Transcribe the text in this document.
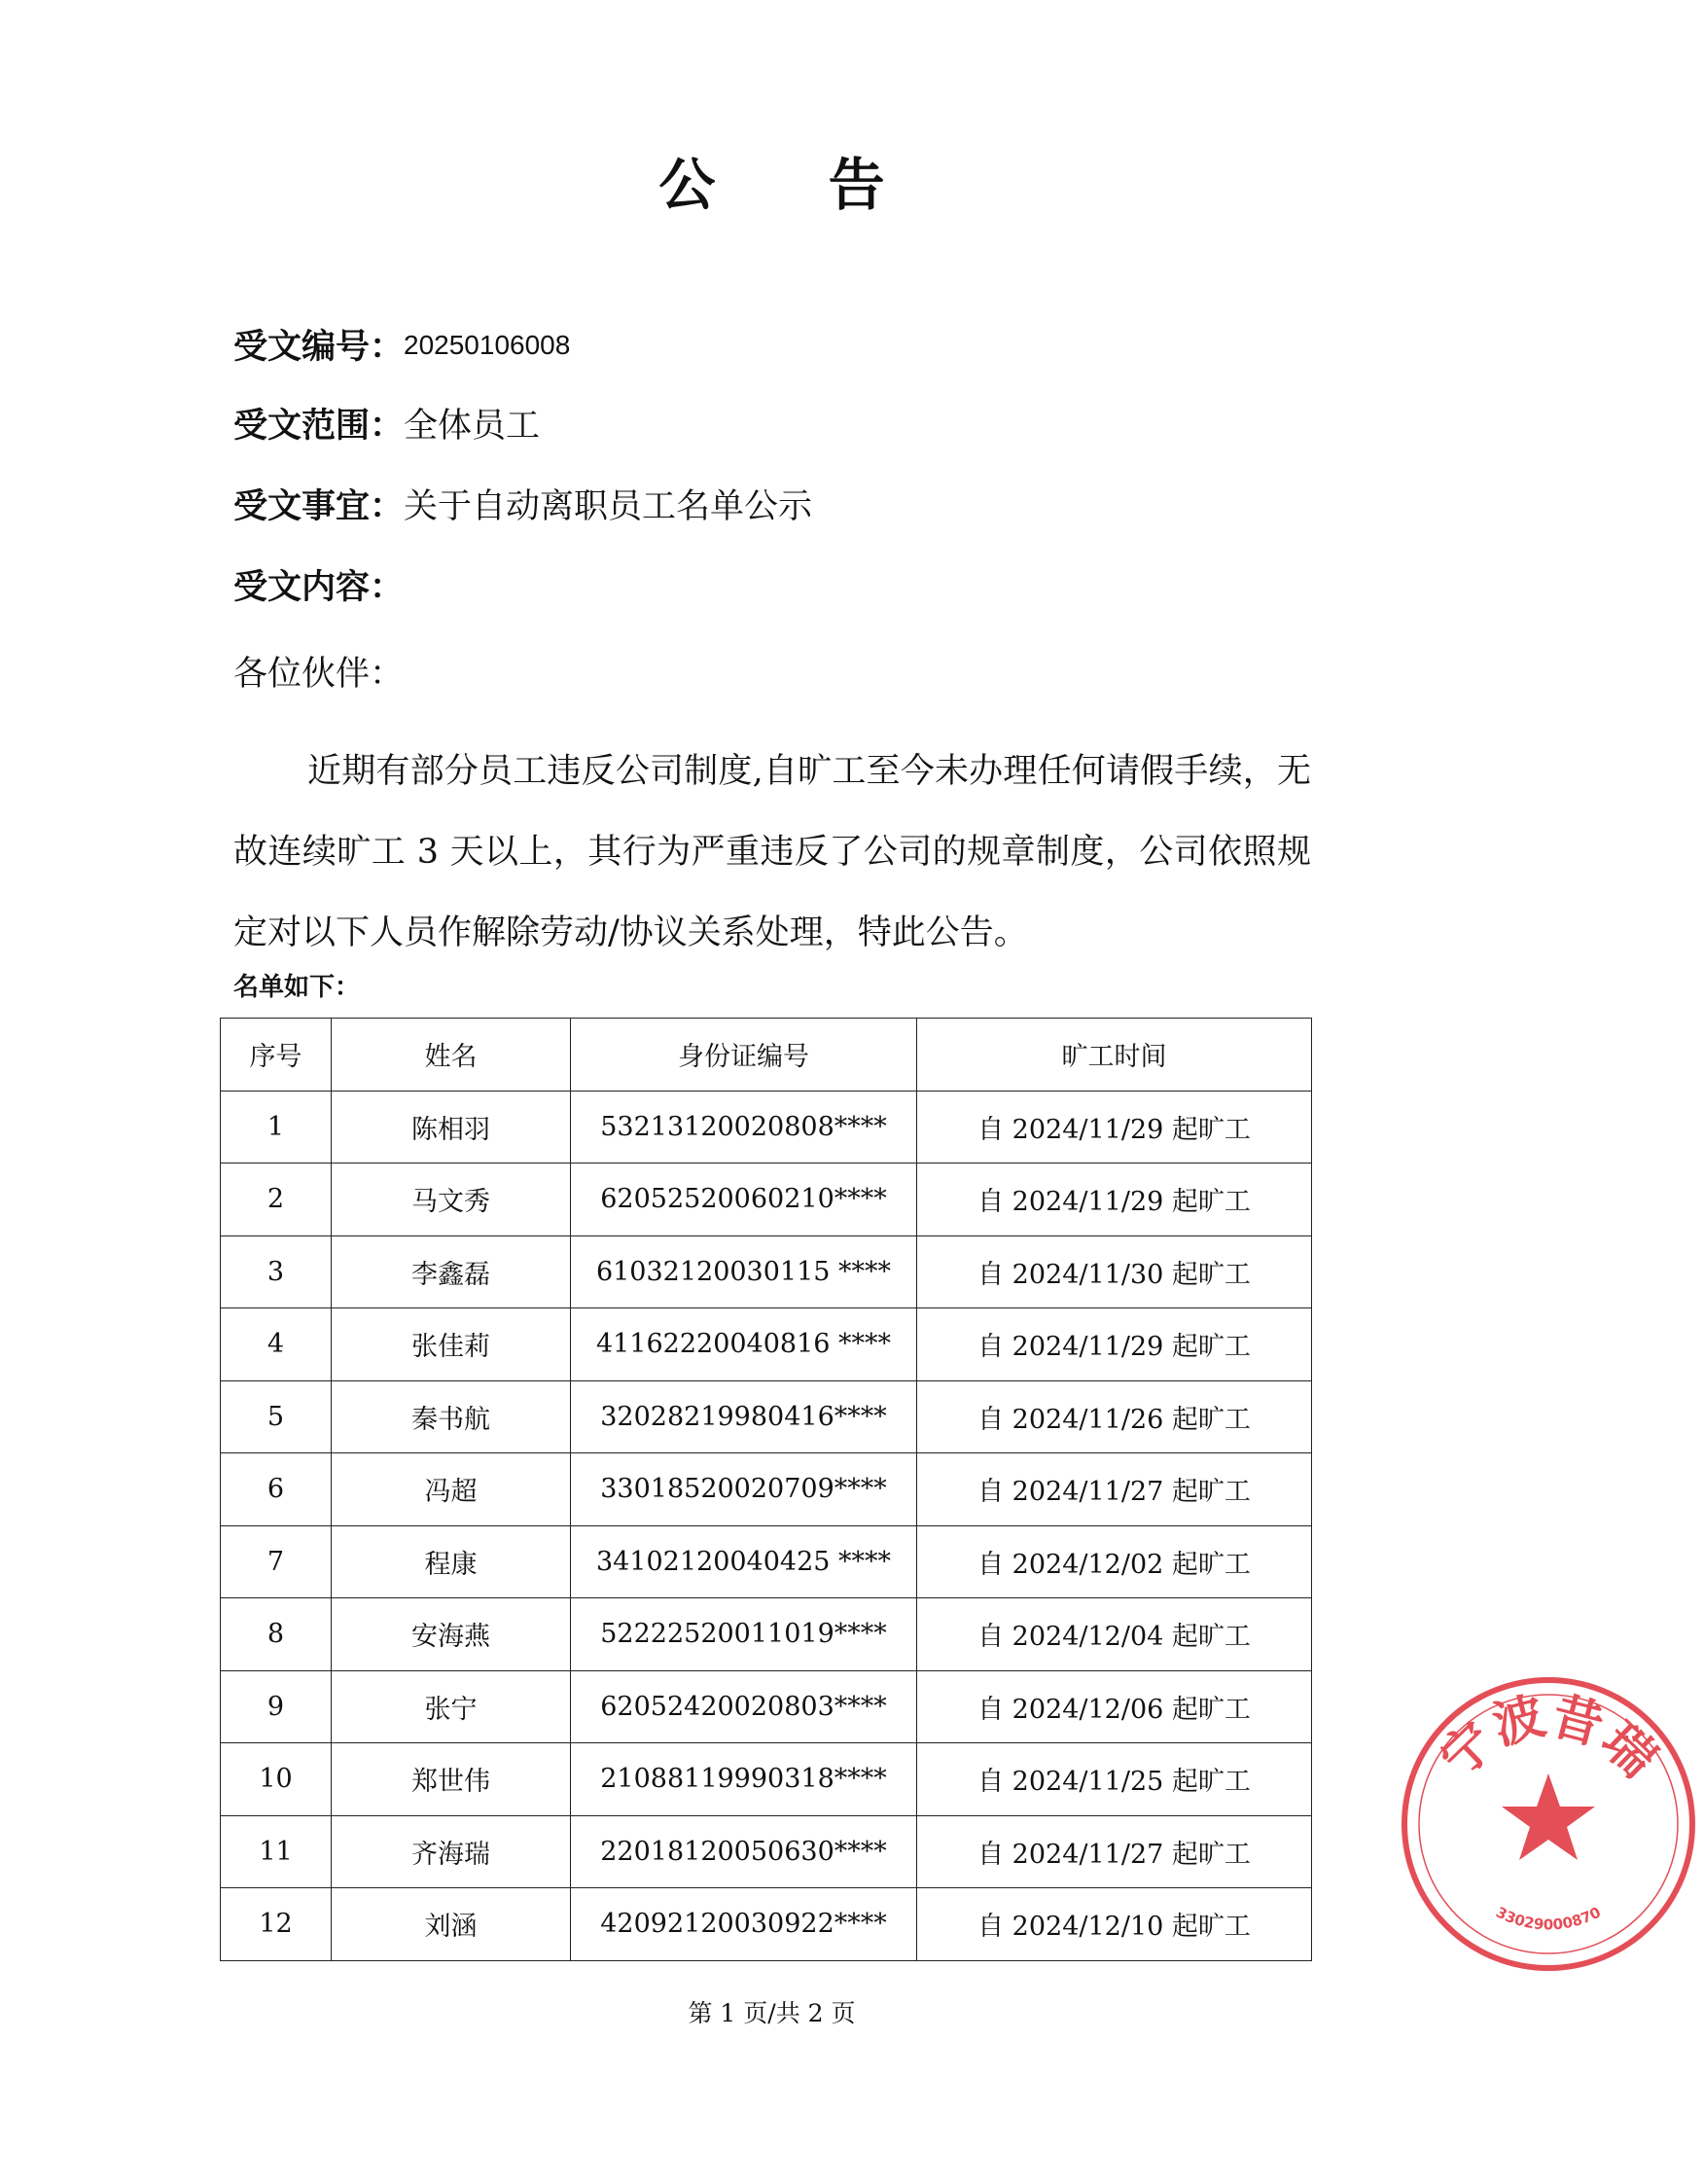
公 告
受文编号：20250106008
受文范围：全体员工
受文事宜：关于自动离职员工名单公示
受文内容：
各位伙伴：
近期有部分员工违反公司制度,自旷工至今未办理任何请假手续，无故连续旷工 3 天以上，其行为严重违反了公司的规章制度，公司依照规定对以下人员作解除劳动/协议关系处理，特此公告。
名单如下：
序号	姓名	身份证编号	旷工时间
1	陈相羽	53213120020808****	自 2024/11/29 起旷工
2	马文秀	62052520060210****	自 2024/11/29 起旷工
3	李鑫磊	61032120030115 ****	自 2024/11/30 起旷工
4	张佳莉	41162220040816 ****	自 2024/11/29 起旷工
5	秦书航	32028219980416****	自 2024/11/26 起旷工
6	冯超	33018520020709****	自 2024/11/27 起旷工
7	程康	34102120040425 ****	自 2024/12/02 起旷工
8	安海燕	52222520011019****	自 2024/12/04 起旷工
9	张宁	62052420020803****	自 2024/12/06 起旷工
10	郑世伟	21088119990318****	自 2024/11/25 起旷工
11	齐海瑞	22018120050630****	自 2024/11/27 起旷工
12	刘涵	42092120030922****	自 2024/12/10 起旷工
第 1 页/共 2 页
宁波昔瑞
33029000870
